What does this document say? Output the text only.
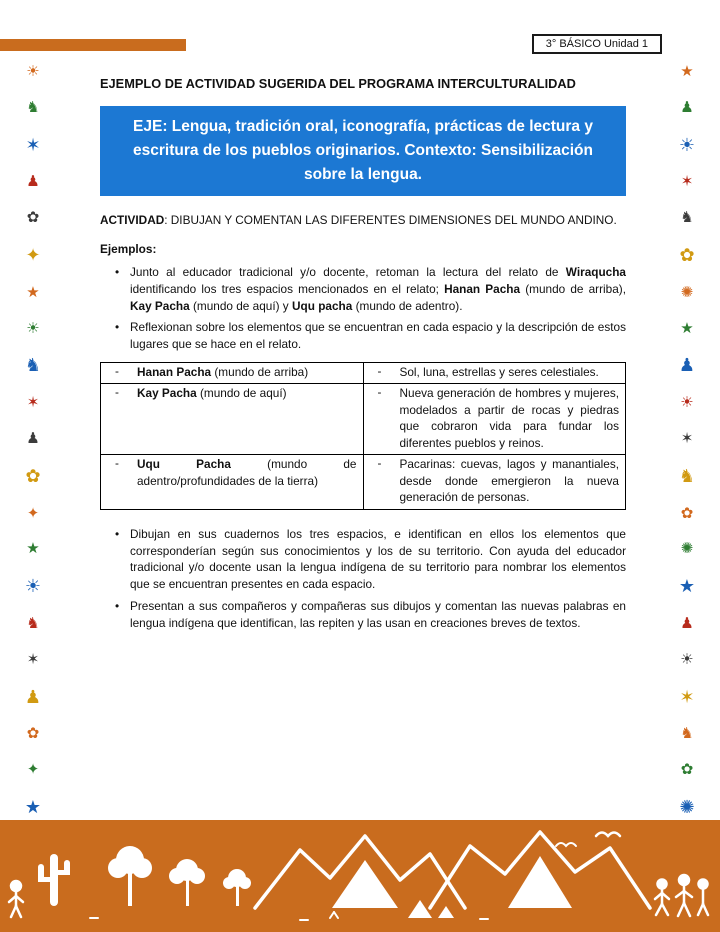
3° BÁSICO Unidad 1
☀
♞
✶
♟
✿
✦
★
☀
♞
✶
♟
✿
✦
★
☀
♞
✶
♟
✿
✦
★
★
♟
☀
✶
♞
✿
✺
★
♟
☀
✶
♞
✿
✺
★
♟
☀
✶
♞
✿
✺
EJEMPLO DE ACTIVIDAD SUGERIDA DEL PROGRAMA INTERCULTURALIDAD
EJE: Lengua, tradición oral, iconografía, prácticas de lectura y escritura de los pueblos originarios. Contexto: Sensibilización sobre la lengua.
ACTIVIDAD: DIBUJAN Y COMENTAN LAS DIFERENTES DIMENSIONES DEL MUNDO ANDINO.
Ejemplos:
• Junto al educador tradicional y/o docente, retoman la lectura del relato de Wiraqucha identificando los tres espacios mencionados en el relato; Hanan Pacha (mundo de arriba), Kay Pacha (mundo de aquí) y Uqu pacha (mundo de adentro).
• Reflexionan sobre los elementos que se encuentran en cada espacio y la descripción de estos lugares que se hace en el relato.
- Hanan Pacha (mundo de arriba)	- Sol, luna, estrellas y seres celestiales.

- Kay Pacha (mundo de aquí)	- Nueva generación de hombres y mujeres, modelados a partir de rocas y piedras que cobraron vida para fundar los diferentes pueblos y reinos.

- Uqu Pacha (mundo de adentro/profundidades de la tierra)	- Pacarinas: cuevas, lagos y manantiales, desde donde emergieron la nueva generación de personas.
• Dibujan en sus cuadernos los tres espacios, e identifican en ellos los elementos que corresponderían según sus conocimientos y los de su territorio. Con ayuda del educador tradicional y/o docente usan la lengua indígena de su territorio para nombrar los elementos que se encuentran presentes en cada espacio.
• Presentan a sus compañeros y compañeras sus dibujos y comentan las nuevas palabras en lengua indígena que identifican, las repiten y las usan en creaciones breves de textos.
